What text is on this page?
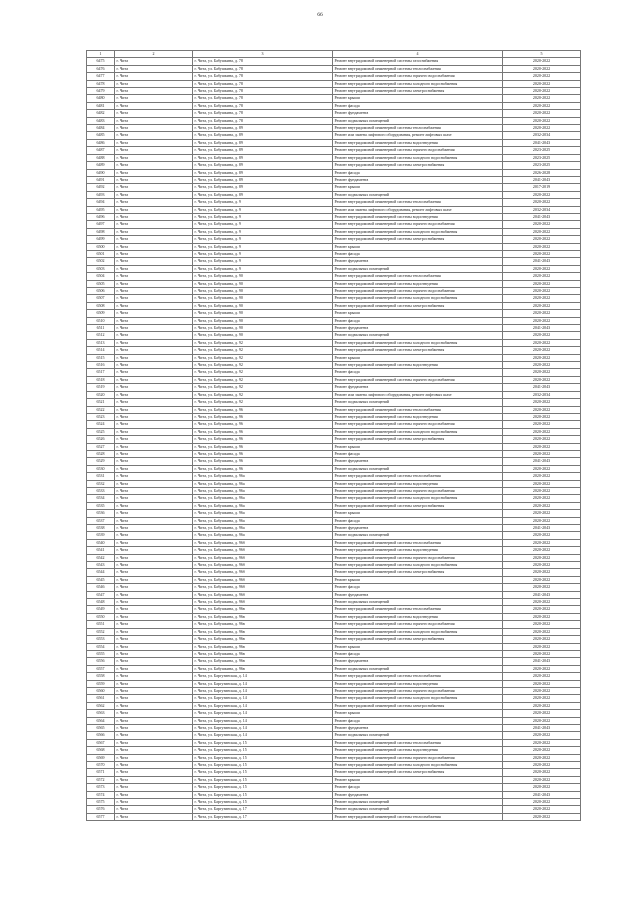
66
1	2	3	4	5
6475	г. Чита	г. Чита, ул. Бабушкина, д. 78	Ремонт внутридомовой инженерной системы газоснабжения	2020-2022
6476	г. Чита	г. Чита, ул. Бабушкина, д. 78	Ремонт внутридомовой инженерной системы теплоснабжения	2020-2022
6477	г. Чита	г. Чита, ул. Бабушкина, д. 78	Ремонт внутридомовой инженерной системы горячего водоснабжения	2020-2022
6478	г. Чита	г. Чита, ул. Бабушкина, д. 78	Ремонт внутридомовой инженерной системы холодного водоснабжения	2020-2022
6479	г. Чита	г. Чита, ул. Бабушкина, д. 78	Ремонт внутридомовой инженерной системы электроснабжения	2020-2022
6480	г. Чита	г. Чита, ул. Бабушкина, д. 78	Ремонт крыши	2020-2022
6481	г. Чита	г. Чита, ул. Бабушкина, д. 78	Ремонт фасада	2020-2022
6482	г. Чита	г. Чита, ул. Бабушкина, д. 78	Ремонт фундамента	2020-2022
6483	г. Чита	г. Чита, ул. Бабушкина, д. 78	Ремонт подвальных помещений	2020-2022
6484	г. Чита	г. Чита, ул. Бабушкина, д. 89	Ремонт внутридомовой инженерной системы теплоснабжения	2020-2022
6485	г. Чита	г. Чита, ул. Бабушкина, д. 89	Ремонт или замена лифтового оборудования, ремонт лифтовых шахт	2032-2034
6486	г. Чита	г. Чита, ул. Бабушкина, д. 89	Ремонт внутридомовой инженерной системы водоотведения	2041-2043
6487	г. Чита	г. Чита, ул. Бабушкина, д. 89	Ремонт внутридомовой инженерной системы горячего водоснабжения	2023-2025
6488	г. Чита	г. Чита, ул. Бабушкина, д. 89	Ремонт внутридомовой инженерной системы холодного водоснабжения	2023-2025
6489	г. Чита	г. Чита, ул. Бабушкина, д. 89	Ремонт внутридомовой инженерной системы электроснабжения	2023-2025
6490	г. Чита	г. Чита, ул. Бабушкина, д. 89	Ремонт фасада	2026-2028
6491	г. Чита	г. Чита, ул. Бабушкина, д. 89	Ремонт фундамента	2041-2043
6492	г. Чита	г. Чита, ул. Бабушкина, д. 89	Ремонт крыши	2017-2019
6493	г. Чита	г. Чита, ул. Бабушкина, д. 89	Ремонт подвальных помещений	2020-2022
6494	г. Чита	г. Чита, ул. Бабушкина, д. 9	Ремонт внутридомовой инженерной системы теплоснабжения	2020-2022
6495	г. Чита	г. Чита, ул. Бабушкина, д. 9	Ремонт или замена лифтового оборудования, ремонт лифтовых шахт	2032-2034
6496	г. Чита	г. Чита, ул. Бабушкина, д. 9	Ремонт внутридомовой инженерной системы водоотведения	2041-2043
6497	г. Чита	г. Чита, ул. Бабушкина, д. 9	Ремонт внутридомовой инженерной системы горячего водоснабжения	2020-2022
6498	г. Чита	г. Чита, ул. Бабушкина, д. 9	Ремонт внутридомовой инженерной системы холодного водоснабжения	2020-2022
6499	г. Чита	г. Чита, ул. Бабушкина, д. 9	Ремонт внутридомовой инженерной системы электроснабжения	2020-2022
6500	г. Чита	г. Чита, ул. Бабушкина, д. 9	Ремонт крыши	2020-2022
6501	г. Чита	г. Чита, ул. Бабушкина, д. 9	Ремонт фасада	2020-2022
6502	г. Чита	г. Чита, ул. Бабушкина, д. 9	Ремонт фундамента	2041-2043
6503	г. Чита	г. Чита, ул. Бабушкина, д. 9	Ремонт подвальных помещений	2020-2022
6504	г. Чита	г. Чита, ул. Бабушкина, д. 90	Ремонт внутридомовой инженерной системы теплоснабжения	2020-2022
6505	г. Чита	г. Чита, ул. Бабушкина, д. 90	Ремонт внутридомовой инженерной системы водоотведения	2020-2022
6506	г. Чита	г. Чита, ул. Бабушкина, д. 90	Ремонт внутридомовой инженерной системы горячего водоснабжения	2020-2022
6507	г. Чита	г. Чита, ул. Бабушкина, д. 90	Ремонт внутридомовой инженерной системы холодного водоснабжения	2020-2022
6508	г. Чита	г. Чита, ул. Бабушкина, д. 90	Ремонт внутридомовой инженерной системы электроснабжения	2020-2022
6509	г. Чита	г. Чита, ул. Бабушкина, д. 90	Ремонт крыши	2020-2022
6510	г. Чита	г. Чита, ул. Бабушкина, д. 90	Ремонт фасада	2020-2022
6511	г. Чита	г. Чита, ул. Бабушкина, д. 90	Ремонт фундамента	2041-2043
6512	г. Чита	г. Чита, ул. Бабушкина, д. 90	Ремонт подвальных помещений	2020-2022
6513	г. Чита	г. Чита, ул. Бабушкина, д. 92	Ремонт внутридомовой инженерной системы холодного водоснабжения	2020-2022
6514	г. Чита	г. Чита, ул. Бабушкина, д. 92	Ремонт внутридомовой инженерной системы электроснабжения	2020-2022
6515	г. Чита	г. Чита, ул. Бабушкина, д. 92	Ремонт крыши	2020-2022
6516	г. Чита	г. Чита, ул. Бабушкина, д. 92	Ремонт внутридомовой инженерной системы водоотведения	2020-2022
6517	г. Чита	г. Чита, ул. Бабушкина, д. 92	Ремонт фасада	2020-2022
6518	г. Чита	г. Чита, ул. Бабушкина, д. 92	Ремонт внутридомовой инженерной системы горячего водоснабжения	2020-2022
6519	г. Чита	г. Чита, ул. Бабушкина, д. 92	Ремонт фундамента	2041-2043
6520	г. Чита	г. Чита, ул. Бабушкина, д. 92	Ремонт или замена лифтового оборудования, ремонт лифтовых шахт	2032-2034
6521	г. Чита	г. Чита, ул. Бабушкина, д. 92	Ремонт подвальных помещений	2020-2022
6522	г. Чита	г. Чита, ул. Бабушкина, д. 96	Ремонт внутридомовой инженерной системы теплоснабжения	2020-2022
6523	г. Чита	г. Чита, ул. Бабушкина, д. 96	Ремонт внутридомовой инженерной системы водоотведения	2020-2022
6524	г. Чита	г. Чита, ул. Бабушкина, д. 96	Ремонт внутридомовой инженерной системы горячего водоснабжения	2020-2022
6525	г. Чита	г. Чита, ул. Бабушкина, д. 96	Ремонт внутридомовой инженерной системы холодного водоснабжения	2020-2022
6526	г. Чита	г. Чита, ул. Бабушкина, д. 96	Ремонт внутридомовой инженерной системы электроснабжения	2020-2022
6527	г. Чита	г. Чита, ул. Бабушкина, д. 96	Ремонт крыши	2020-2022
6528	г. Чита	г. Чита, ул. Бабушкина, д. 96	Ремонт фасада	2020-2022
6529	г. Чита	г. Чита, ул. Бабушкина, д. 96	Ремонт фундамента	2041-2043
6530	г. Чита	г. Чита, ул. Бабушкина, д. 96	Ремонт подвальных помещений	2020-2022
6531	г. Чита	г. Чита, ул. Бабушкина, д. 96а	Ремонт внутридомовой инженерной системы теплоснабжения	2020-2022
6532	г. Чита	г. Чита, ул. Бабушкина, д. 96а	Ремонт внутридомовой инженерной системы водоотведения	2020-2022
6533	г. Чита	г. Чита, ул. Бабушкина, д. 96а	Ремонт внутридомовой инженерной системы горячего водоснабжения	2020-2022
6534	г. Чита	г. Чита, ул. Бабушкина, д. 96а	Ремонт внутридомовой инженерной системы холодного водоснабжения	2020-2022
6535	г. Чита	г. Чита, ул. Бабушкина, д. 96а	Ремонт внутридомовой инженерной системы электроснабжения	2020-2022
6536	г. Чита	г. Чита, ул. Бабушкина, д. 96а	Ремонт крыши	2020-2022
6537	г. Чита	г. Чита, ул. Бабушкина, д. 96а	Ремонт фасада	2020-2022
6538	г. Чита	г. Чита, ул. Бабушкина, д. 96а	Ремонт фундамента	2041-2043
6539	г. Чита	г. Чита, ул. Бабушкина, д. 96а	Ремонт подвальных помещений	2020-2022
6540	г. Чита	г. Чита, ул. Бабушкина, д. 96б	Ремонт внутридомовой инженерной системы теплоснабжения	2020-2022
6541	г. Чита	г. Чита, ул. Бабушкина, д. 96б	Ремонт внутридомовой инженерной системы водоотведения	2020-2022
6542	г. Чита	г. Чита, ул. Бабушкина, д. 96б	Ремонт внутридомовой инженерной системы горячего водоснабжения	2020-2022
6543	г. Чита	г. Чита, ул. Бабушкина, д. 96б	Ремонт внутридомовой инженерной системы холодного водоснабжения	2020-2022
6544	г. Чита	г. Чита, ул. Бабушкина, д. 96б	Ремонт внутридомовой инженерной системы электроснабжения	2020-2022
6545	г. Чита	г. Чита, ул. Бабушкина, д. 96б	Ремонт крыши	2020-2022
6546	г. Чита	г. Чита, ул. Бабушкина, д. 96б	Ремонт фасада	2020-2022
6547	г. Чита	г. Чита, ул. Бабушкина, д. 96б	Ремонт фундамента	2041-2043
6548	г. Чита	г. Чита, ул. Бабушкина, д. 96б	Ремонт подвальных помещений	2020-2022
6549	г. Чита	г. Чита, ул. Бабушкина, д. 96в	Ремонт внутридомовой инженерной системы теплоснабжения	2020-2022
6550	г. Чита	г. Чита, ул. Бабушкина, д. 96в	Ремонт внутридомовой инженерной системы водоотведения	2020-2022
6551	г. Чита	г. Чита, ул. Бабушкина, д. 96в	Ремонт внутридомовой инженерной системы горячего водоснабжения	2020-2022
6552	г. Чита	г. Чита, ул. Бабушкина, д. 96в	Ремонт внутридомовой инженерной системы холодного водоснабжения	2020-2022
6553	г. Чита	г. Чита, ул. Бабушкина, д. 96в	Ремонт внутридомовой инженерной системы электроснабжения	2020-2022
6554	г. Чита	г. Чита, ул. Бабушкина, д. 96в	Ремонт крыши	2020-2022
6555	г. Чита	г. Чита, ул. Бабушкина, д. 96в	Ремонт фасада	2020-2022
6556	г. Чита	г. Чита, ул. Бабушкина, д. 96в	Ремонт фундамента	2041-2043
6557	г. Чита	г. Чита, ул. Бабушкина, д. 96в	Ремонт подвальных помещений	2020-2022
6558	г. Чита	г. Чита, ул. Баргузинская, д. 14	Ремонт внутридомовой инженерной системы теплоснабжения	2020-2022
6559	г. Чита	г. Чита, ул. Баргузинская, д. 14	Ремонт внутридомовой инженерной системы водоотведения	2020-2022
6560	г. Чита	г. Чита, ул. Баргузинская, д. 14	Ремонт внутридомовой инженерной системы горячего водоснабжения	2020-2022
6561	г. Чита	г. Чита, ул. Баргузинская, д. 14	Ремонт внутридомовой инженерной системы холодного водоснабжения	2020-2022
6562	г. Чита	г. Чита, ул. Баргузинская, д. 14	Ремонт внутридомовой инженерной системы электроснабжения	2020-2022
6563	г. Чита	г. Чита, ул. Баргузинская, д. 14	Ремонт крыши	2020-2022
6564	г. Чита	г. Чита, ул. Баргузинская, д. 14	Ремонт фасада	2020-2022
6565	г. Чита	г. Чита, ул. Баргузинская, д. 14	Ремонт фундамента	2041-2043
6566	г. Чита	г. Чита, ул. Баргузинская, д. 14	Ремонт подвальных помещений	2020-2022
6567	г. Чита	г. Чита, ул. Баргузинская, д. 15	Ремонт внутридомовой инженерной системы теплоснабжения	2020-2022
6568	г. Чита	г. Чита, ул. Баргузинская, д. 15	Ремонт внутридомовой инженерной системы водоотведения	2020-2022
6569	г. Чита	г. Чита, ул. Баргузинская, д. 15	Ремонт внутридомовой инженерной системы горячего водоснабжения	2020-2022
6570	г. Чита	г. Чита, ул. Баргузинская, д. 15	Ремонт внутридомовой инженерной системы холодного водоснабжения	2020-2022
6571	г. Чита	г. Чита, ул. Баргузинская, д. 15	Ремонт внутридомовой инженерной системы электроснабжения	2020-2022
6572	г. Чита	г. Чита, ул. Баргузинская, д. 15	Ремонт крыши	2020-2022
6573	г. Чита	г. Чита, ул. Баргузинская, д. 15	Ремонт фасада	2020-2022
6574	г. Чита	г. Чита, ул. Баргузинская, д. 15	Ремонт фундамента	2041-2043
6575	г. Чита	г. Чита, ул. Баргузинская, д. 15	Ремонт подвальных помещений	2020-2022
6576	г. Чита	г. Чита, ул. Баргузинская, д. 17	Ремонт подвальных помещений	2020-2022
6577	г. Чита	г. Чита, ул. Баргузинская, д. 17	Ремонт внутридомовой инженерной системы теплоснабжения	2020-2022
